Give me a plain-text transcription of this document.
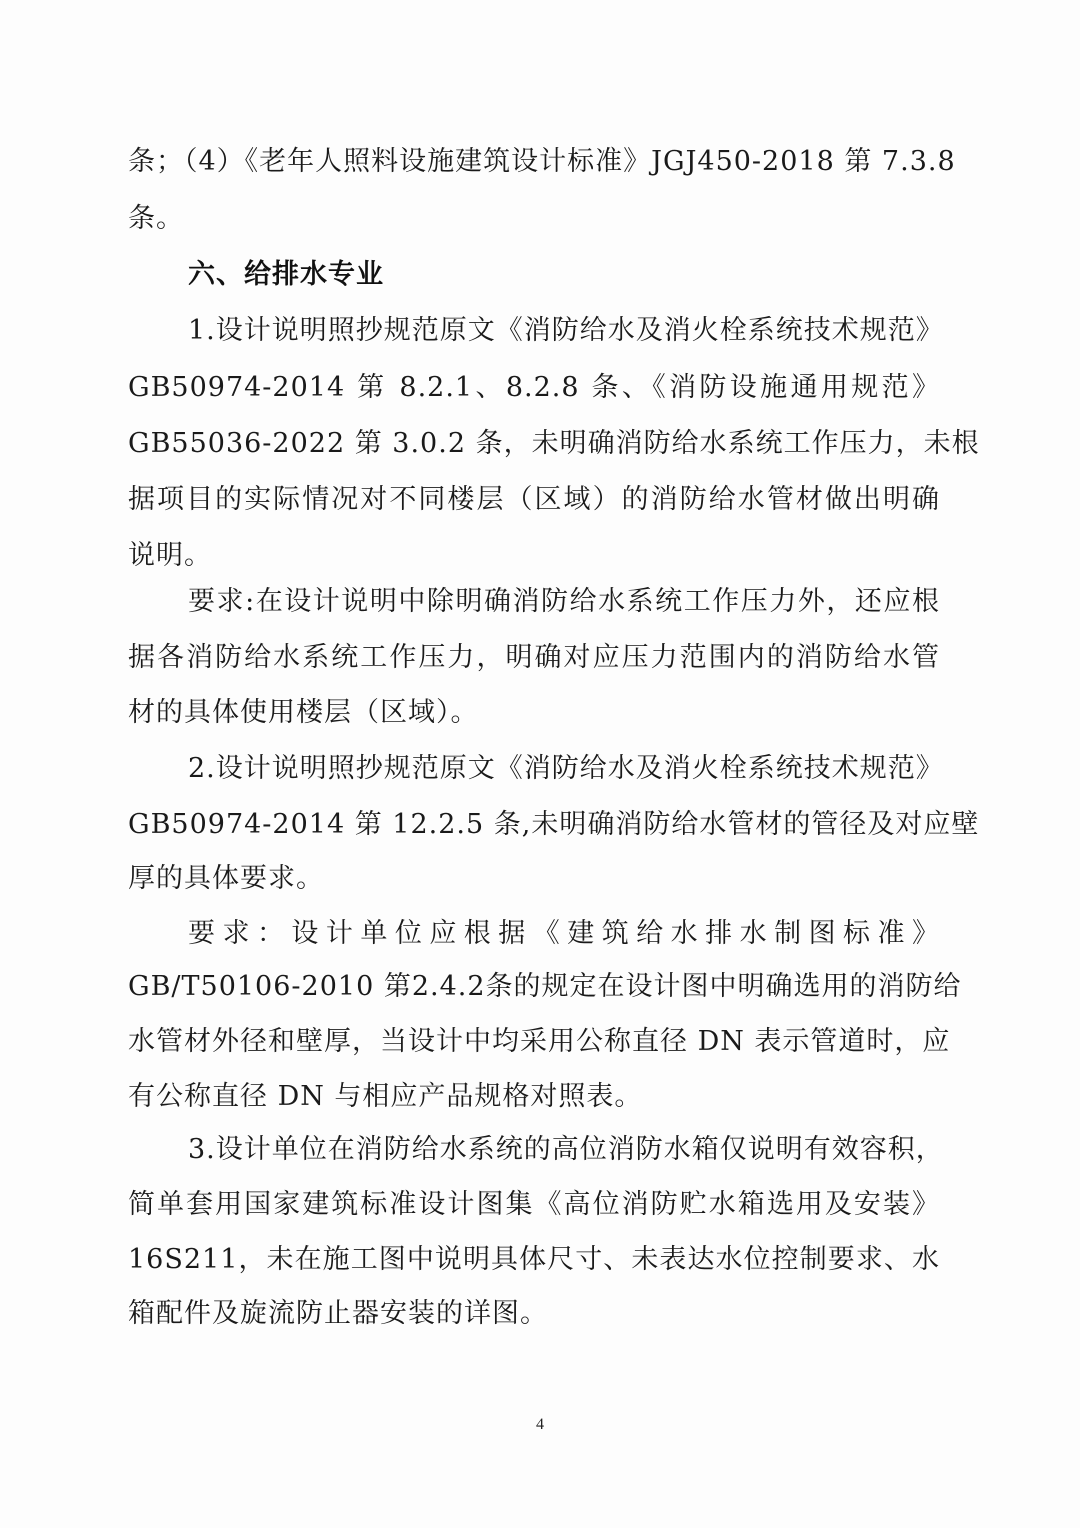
条；（4）《老年人照料设施建筑设计标准》JGJ450-2018 第 7.3.8
条。
六、给排水专业
1.设计说明照抄规范原文《消防给水及消火栓系统技术规范》
GB50974-2014 第 8.2.1、8.2.8 条、《消防设施通用规范》
GB55036-2022 第 3.0.2 条，未明确消防给水系统工作压力，未根
据项目的实际情况对不同楼层（区域）的消防给水管材做出明确
说明。
要求:在设计说明中除明确消防给水系统工作压力外，还应根
据各消防给水系统工作压力，明确对应压力范围内的消防给水管
材的具体使用楼层（区域）。
2.设计说明照抄规范原文《消防给水及消火栓系统技术规范》
GB50974-2014 第 12.2.5 条,未明确消防给水管材的管径及对应壁
厚的具体要求。
要求：设计单位应根据《建筑给水排水制图标准》
GB/T50106-2010 第2.4.2条的规定在设计图中明确选用的消防给
水管材外径和壁厚，当设计中均采用公称直径 DN 表示管道时，应
有公称直径 DN 与相应产品规格对照表。
3.设计单位在消防给水系统的高位消防水箱仅说明有效容积，
简单套用国家建筑标准设计图集《高位消防贮水箱选用及安装》
16S211，未在施工图中说明具体尺寸、未表达水位控制要求、水
箱配件及旋流防止器安装的详图。
4
